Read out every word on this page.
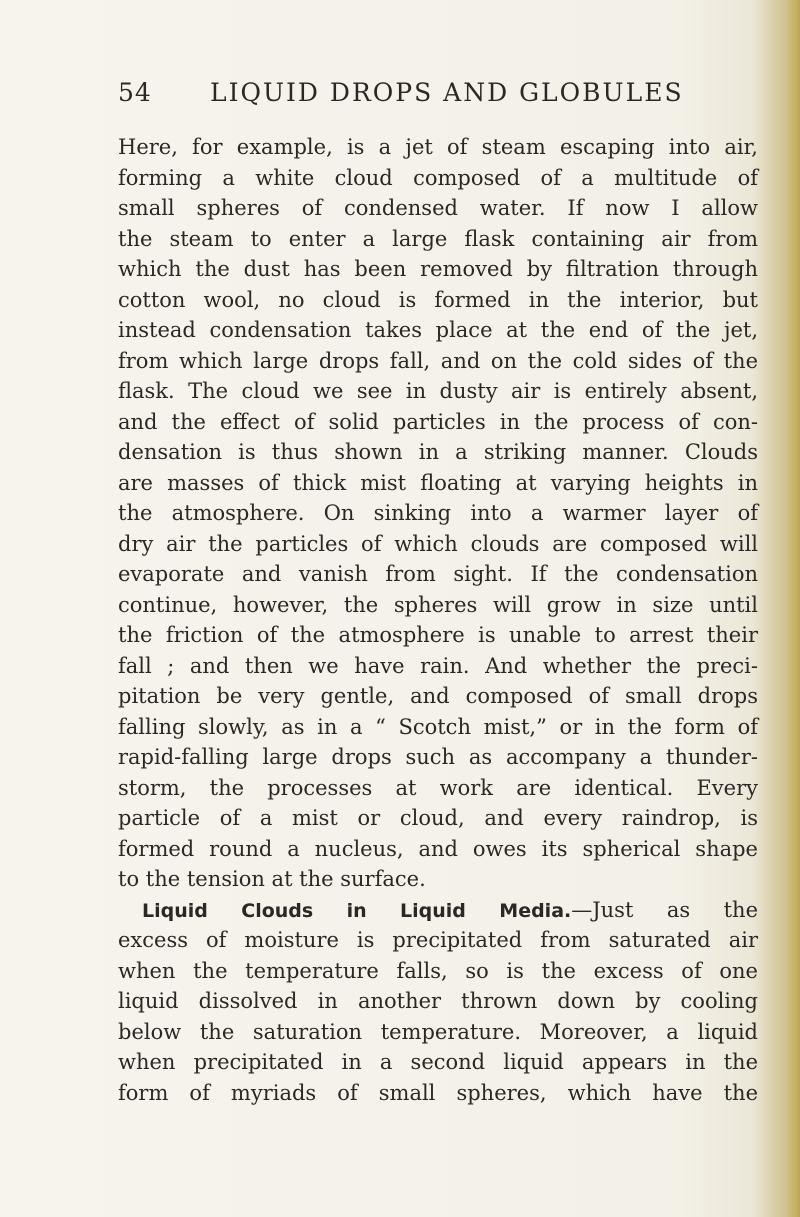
54 LIQUID DROPS AND GLOBULES
Here, for example, is a jet of steam escaping into air,
forming a white cloud composed of a multitude of
small spheres of condensed water. If now I allow
the steam to enter a large flask containing air from
which the dust has been removed by filtration through
cotton wool, no cloud is formed in the interior, but
instead condensation takes place at the end of the jet,
from which large drops fall, and on the cold sides of the
flask. The cloud we see in dusty air is entirely absent,
and the effect of solid particles in the process of con-
densation is thus shown in a striking manner. Clouds
are masses of thick mist floating at varying heights in
the atmosphere. On sinking into a warmer layer of
dry air the particles of which clouds are composed will
evaporate and vanish from sight. If the condensation
continue, however, the spheres will grow in size until
the friction of the atmosphere is unable to arrest their
fall ; and then we have rain. And whether the preci-
pitation be very gentle, and composed of small drops
falling slowly, as in a “ Scotch mist,” or in the form of
rapid-falling large drops such as accompany a thunder-
storm, the processes at work are identical. Every
particle of a mist or cloud, and every raindrop, is
formed round a nucleus, and owes its spherical shape
to the tension at the surface.
Liquid Clouds in Liquid Media.—Just as the
excess of moisture is precipitated from saturated air
when the temperature falls, so is the excess of one
liquid dissolved in another thrown down by cooling
below the saturation temperature. Moreover, a liquid
when precipitated in a second liquid appears in the
form of myriads of small spheres, which have the
